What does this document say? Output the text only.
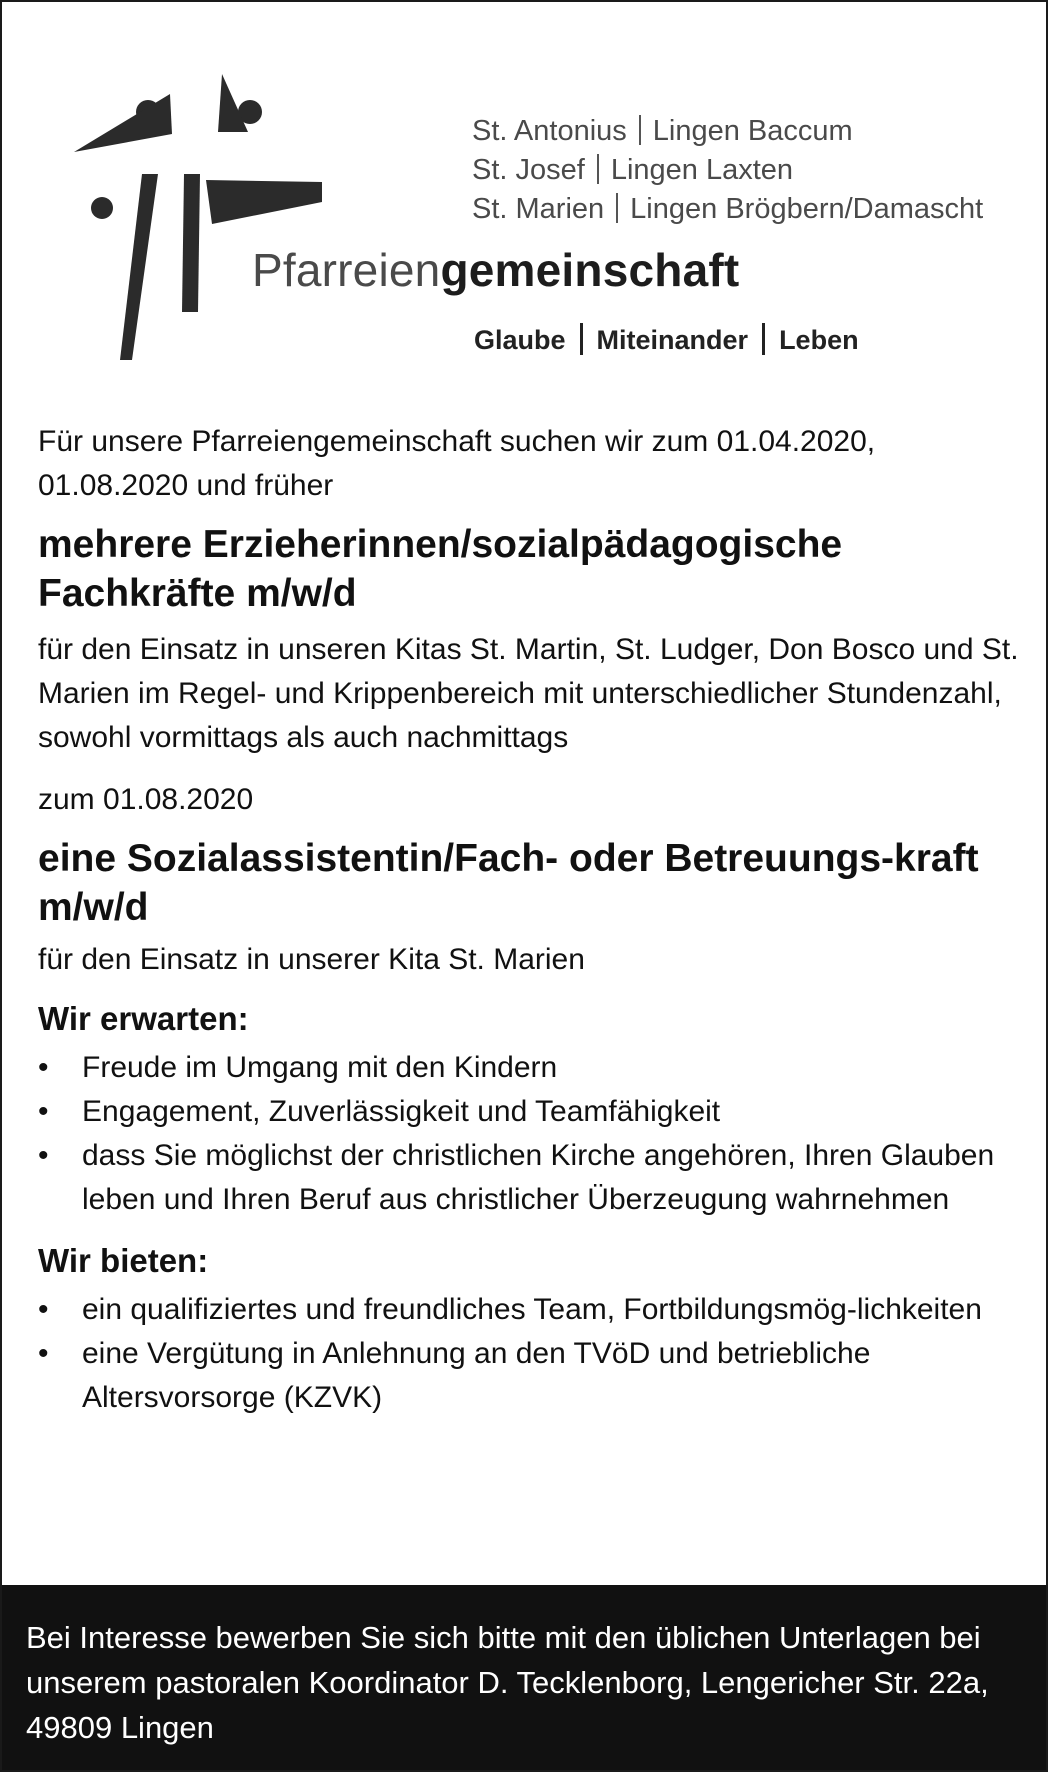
St. Antonius Lingen Baccum
St. Josef Lingen Laxten
St. Marien Lingen Brögbern/Damascht
Pfarreiengemeinschaft
Glaube Miteinander Leben

Für unsere Pfarreiengemeinschaft suchen wir zum 01.04.2020, 01.08.2020 und früher

mehrere Erzieherinnen/sozialpädagogische Fachkräfte m/w/d

für den Einsatz in unseren Kitas St. Martin, St. Ludger, Don Bosco und St. Marien im Regel- und Krippenbereich mit unterschiedlicher Stundenzahl, sowohl vormittags als auch nachmittags

zum 01.08.2020

eine Sozialassistentin/Fach- oder Betreuungs-kraft m/w/d

für den Einsatz in unserer Kita St. Marien

Wir erwarten:

• Freude im Umgang mit den Kindern
• Engagement, Zuverlässigkeit und Teamfähigkeit
• dass Sie möglichst der christlichen Kirche angehören, Ihren Glauben leben und Ihren Beruf aus christlicher Überzeugung wahrnehmen

Wir bieten:

• ein qualifiziertes und freundliches Team, Fortbildungsmög-lichkeiten
• eine Vergütung in Anlehnung an den TVöD und betriebliche Altersvorsorge (KZVK)
Bei Interesse bewerben Sie sich bitte mit den üblichen Unterlagen bei unserem pastoralen Koordinator D. Tecklenborg, Lengericher Str. 22a, 49809 Lingen
